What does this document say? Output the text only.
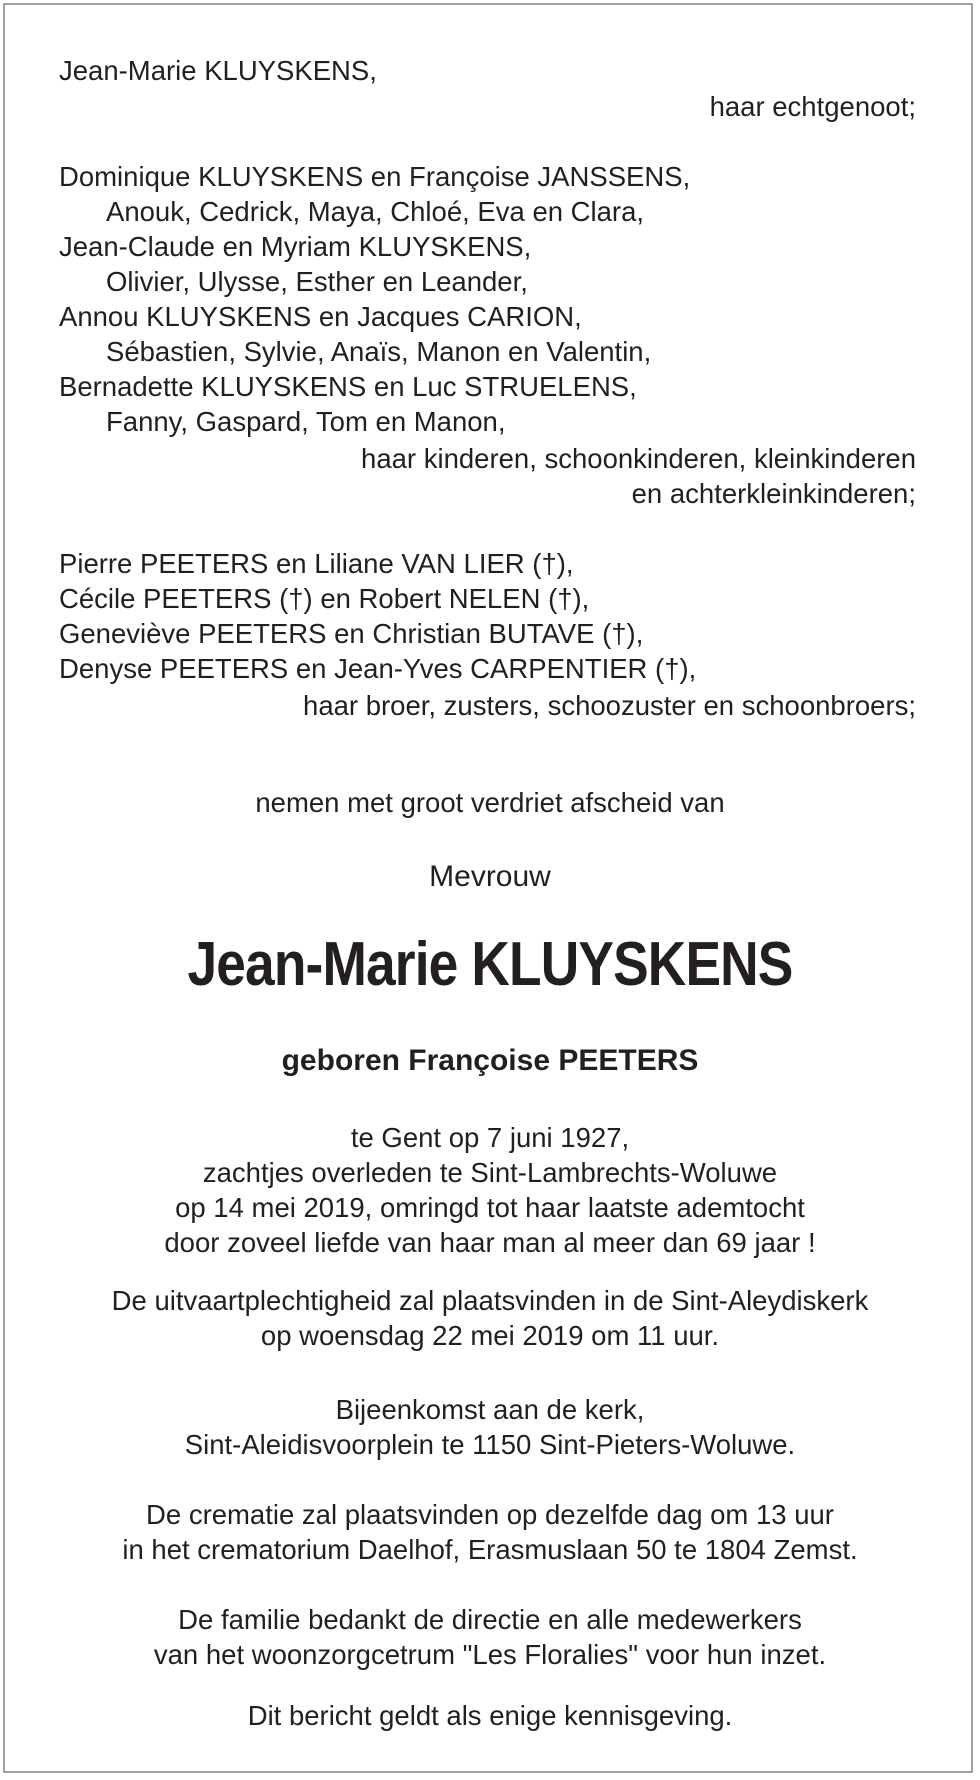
Jean-Marie KLUYSKENS,
haar echtgenoot;
Dominique KLUYSKENS en Françoise JANSSENS,
Anouk, Cedrick, Maya, Chloé, Eva en Clara,
Jean-Claude en Myriam KLUYSKENS,
Olivier, Ulysse, Esther en Leander,
Annou KLUYSKENS en Jacques CARION,
Sébastien, Sylvie, Anaïs, Manon en Valentin,
Bernadette KLUYSKENS en Luc STRUELENS,
Fanny, Gaspard, Tom en Manon,
haar kinderen, schoonkinderen, kleinkinderen
en achterkleinkinderen;
Pierre PEETERS en Liliane VAN LIER (†),
Cécile PEETERS (†) en Robert NELEN (†),
Geneviève PEETERS en Christian BUTAVE (†),
Denyse PEETERS en Jean-Yves CARPENTIER (†),
haar broer, zusters, schoozuster en schoonbroers;
nemen met groot verdriet afscheid van
Mevrouw
Jean-Marie KLUYSKENS
geboren Françoise PEETERS
te Gent op 7 juni 1927,
zachtjes overleden te Sint-Lambrechts-Woluwe
op 14 mei 2019, omringd tot haar laatste ademtocht
door zoveel liefde van haar man al meer dan 69 jaar !
De uitvaartplechtigheid zal plaatsvinden in de Sint-Aleydiskerk
op woensdag 22 mei 2019 om 11 uur.
Bijeenkomst aan de kerk,
Sint-Aleidisvoorplein te 1150 Sint-Pieters-Woluwe.
De crematie zal plaatsvinden op dezelfde dag om 13 uur
in het crematorium Daelhof, Erasmuslaan 50 te 1804 Zemst.
De familie bedankt de directie en alle medewerkers
van het woonzorgcetrum "Les Floralies" voor hun inzet.
Dit bericht geldt als enige kennisgeving.
